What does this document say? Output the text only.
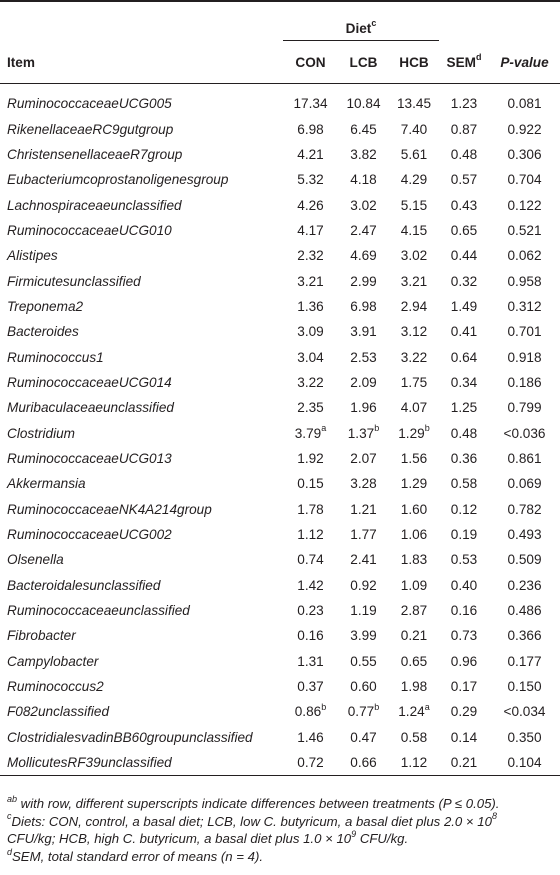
	Diet$^c$

Item	CON	LCB	HCB	SEM$^d$	P-value

RuminococcaceaeUCG005	17.34	10.84	13.45	1.23	0.081
RikenellaceaeRC9gutgroup	6.98	6.45	7.40	0.87	0.922
ChristensenellaceaeR7group	4.21	3.82	5.61	0.48	0.306
Eubacteriumcoprostanoligenesgroup	5.32	4.18	4.29	0.57	0.704
Lachnospiraceaeunclassified	4.26	3.02	5.15	0.43	0.122
RuminococcaceaeUCG010	4.17	2.47	4.15	0.65	0.521
Alistipes	2.32	4.69	3.02	0.44	0.062
Firmicutesunclassified	3.21	2.99	3.21	0.32	0.958
Treponema2	1.36	6.98	2.94	1.49	0.312
Bacteroides	3.09	3.91	3.12	0.41	0.701
Ruminococcus1	3.04	2.53	3.22	0.64	0.918
RuminococcaceaeUCG014	3.22	2.09	1.75	0.34	0.186
Muribaculaceaeunclassified	2.35	1.96	4.07	1.25	0.799
Clostridium	3.79$^a$	1.37$^b$	1.29$^b$	0.48	<0.036
RuminococcaceaeUCG013	1.92	2.07	1.56	0.36	0.861
Akkermansia	0.15	3.28	1.29	0.58	0.069
RuminococcaceaeNK4A214group	1.78	1.21	1.60	0.12	0.782
RuminococcaceaeUCG002	1.12	1.77	1.06	0.19	0.493
Olsenella	0.74	2.41	1.83	0.53	0.509
Bacteroidalesunclassified	1.42	0.92	1.09	0.40	0.236
Ruminococcaceaeunclassified	0.23	1.19	2.87	0.16	0.486
Fibrobacter	0.16	3.99	0.21	0.73	0.366
Campylobacter	1.31	0.55	0.65	0.96	0.177
Ruminococcus2	0.37	0.60	1.98	0.17	0.150
F082unclassified	0.86$^b$	0.77$^b$	1.24$^a$	0.29	<0.034
ClostridialesvadinBB60groupunclassified	1.46	0.47	0.58	0.14	0.350
MollicutesRF39unclassified	0.72	0.66	1.12	0.21	0.104
$^{ab}$ with row, different superscripts indicate differences between treatments (P ≤ 0.05).
$^c$Diets: CON, control, a basal diet; LCB, low C. butyricum, a basal diet plus $2.0 \times 10^8$
CFU/kg; HCB, high C. butyricum, a basal diet plus $1.0 \times 10^9$ CFU/kg.
$^d$SEM, total standard error of means (n = 4).
